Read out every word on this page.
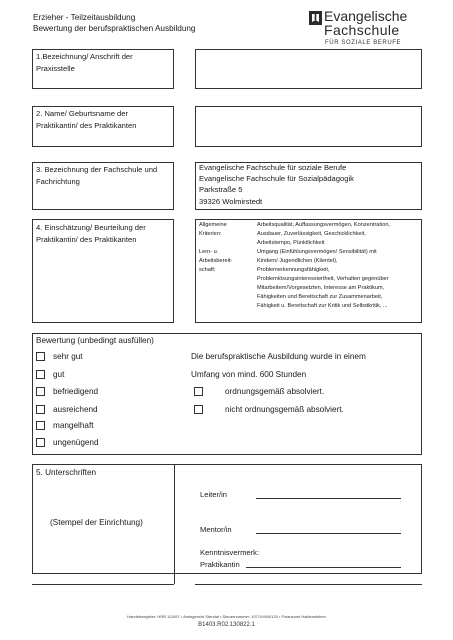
Erzieher - Teilzeitausbildung
Bewertung der berufspraktischen Ausbildung
Evangelische
Fachschule
FÜR SOZIALE BERUFE
1.Bezeichnung/ Anschrift der
Praxisstelle
2. Name/ Geburtsname der
Praktikantin/ des Praktikanten
3. Bezeichnung der Fachschule und
Fachrichtung
Evangelische Fachschule für soziale Berufe
Evangelische Fachschule für Sozialpädagogik
Parkstraße 5
39326 Wolmirstedt
4. Einschätzung/ Beurteilung der
Praktikantin/ des Praktikanten
Allgemeine
Kriterien:
Lern- u.
Arbeitsbereit-
schaft:
Arbeitsqualität, Auffassungsvermögen, Konzentration,
Ausdauer, Zuverlässigkeit, Geschicklichkeit,
Arbeitstempo, Pünktlichkeit
Umgang (Einfühlungsvermögen/ Sensibilität) mit
Kindern/ Jugendlichen (Klientel),
Problemerkennungsfähigkeit,
Problemlösungsinteressiertheit, Verhalten gegenüber
Mitarbeitern/Vorgesetzten, Interesse am Praktikum,
Fähigkeiten und Bereitschaft zur Zusammenarbeit,
Fähigkeit u. Bereitschaft zur Kritik und Selbstkritik, ...
Bewertung (unbedingt ausfüllen)
sehr gut
gut
befriedigend
ausreichend
mangelhaft
ungenügend
Die berufspraktische Ausbildung wurde in einem
Umfang von mind. 600 Stunden
ordnungsgemäß absolviert.
nicht ordnungsgemäß absolviert.
5. Unterschriften
(Stempel der Einrichtung)
Leiter/in
Mentor/in
Kenntnisvermerk:
Praktikantin
Handelsregister: HRB 111597 • Amtsgericht Stendal • Steuernummer: 107/109/00120 • Finanzamt Haldensleben
B1403.R02.130822.1
